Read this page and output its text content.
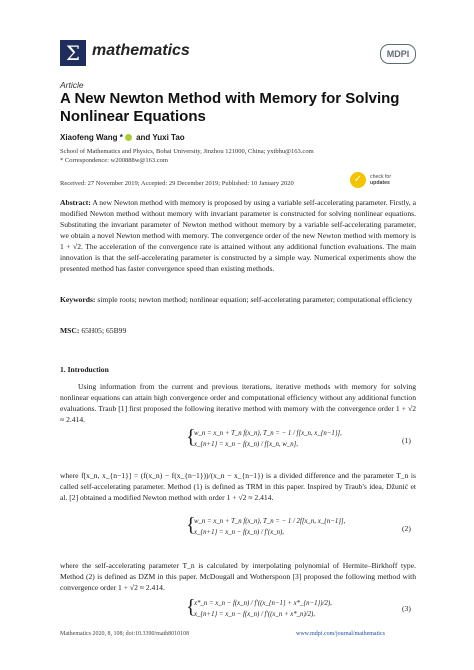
Σ mathematics	MDPI
Article
A New Newton Method with Memory for Solving Nonlinear Equations
Xiaofeng Wang * and Yuxi Tao
School of Mathematics and Physics, Bohai University, Jinzhou 121000, China; yxtbhu@163.com
* Correspondence: w200888w@163.com
Received: 27 November 2019; Accepted: 29 December 2019; Published: 10 January 2020	✓	check for
updates
Abstract: A new Newton method with memory is proposed by using a variable self-accelerating parameter. Firstly, a modified Newton method without memory with invariant parameter is constructed for solving nonlinear equations. Substituting the invariant parameter of Newton method without memory by a variable self-accelerating parameter, we obtain a novel Newton method with memory. The convergence order of the new Newton method with memory is 1 + √2. The acceleration of the convergence rate is attained without any additional function evaluations. The main innovation is that the self-accelerating parameter is constructed by a simple way. Numerical experiments show the presented method has faster convergence speed than existing methods.
Keywords: simple roots; newton method; nonlinear equation; self-accelerating parameter; computational efficiency
MSC: 65H05; 65B99
1. Introduction
Using information from the current and previous iterations, iterative methods with memory for solving nonlinear equations can attain high convergence order and computational efficiency without any additional function evaluations. Traub [1] first proposed the following iterative method with memory with the convergence order 1 + √2 ≈ 2.414.
{
w_n = x_n + T_n f(x_n), T_n = − 1 / f[x_n, x_{n−1}],
x_{n+1} = x_n − f(x_n) / f[x_n, w_n],	(1)
where f[x_n, x_{n−1}] = (f(x_n) − f(x_{n−1}))/(x_n − x_{n−1}) is a divided difference and the parameter T_n is called self-accelerating parameter. Method (1) is defined as TRM in this paper. Inspired by Traub's idea, Džunić et al. [2] obtained a modified Newton method with order 1 + √2 ≈ 2.414.
{
w_n = x_n + T_n f(x_n), T_n = − 1 / 2f[x_n, x_{n−1}],
x_{n+1} = x_n − f(x_n) / f′(x_n),	(2)
where the self-accelerating parameter T_n is calculated by interpolating polynomial of Hermite–Birkhoff type. Method (2) is defined as DZM in this paper. McDougall and Wotherspoon [3] proposed the following method with convergence order 1 + √2 ≈ 2.414.
{
x*_n = x_n − f(x_n) / f′((x_{n−1} + x*_{n−1})/2),
x_{n+1} = x_n − f(x_n) / f′((x_n + x*_n)/2),
(3)
Mathematics 2020, 8, 108; doi:10.3390/math8010108	www.mdpi.com/journal/mathematics
